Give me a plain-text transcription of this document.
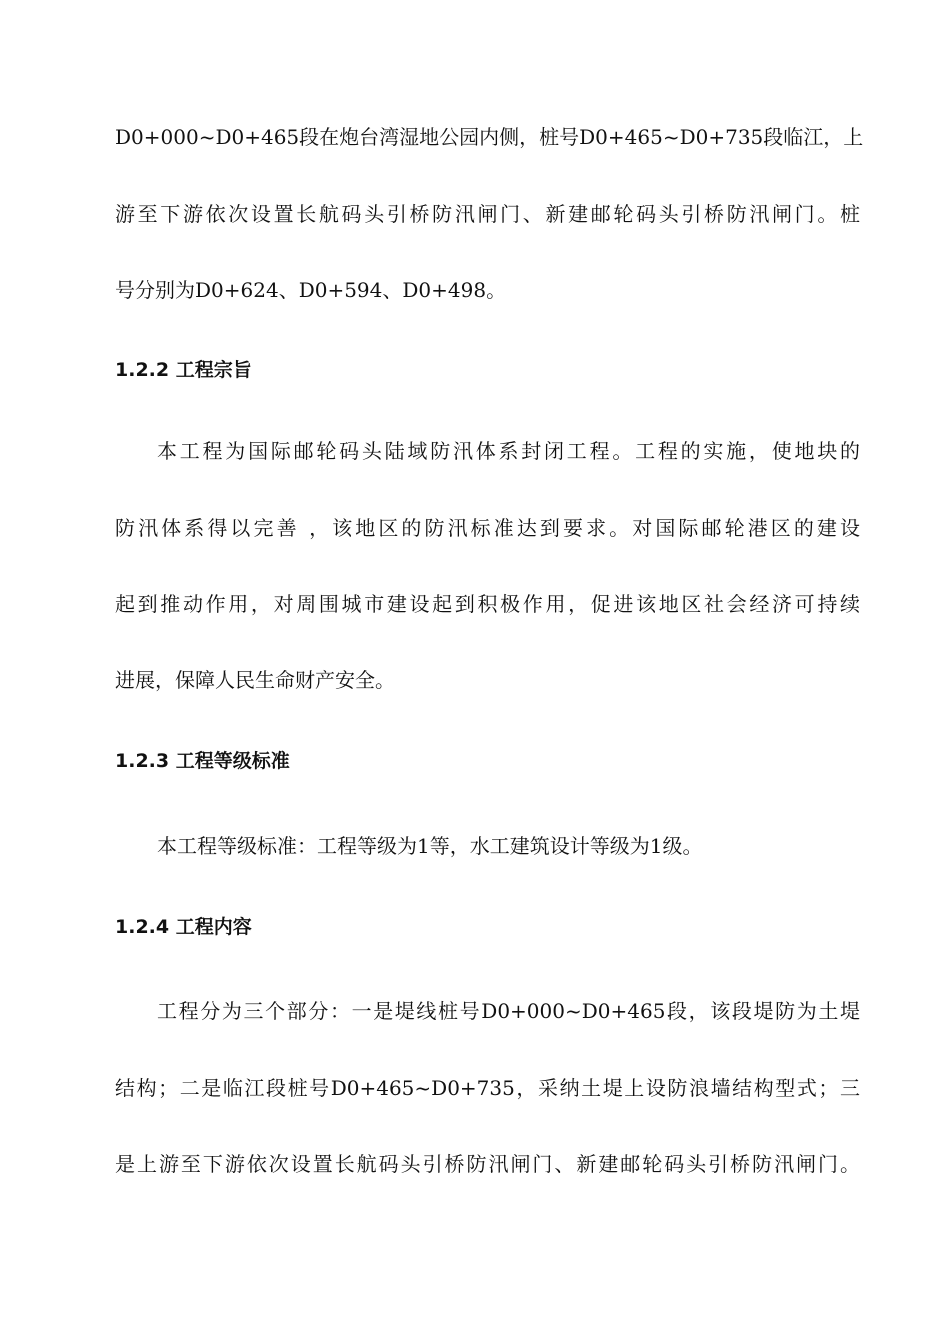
D0+000~D0+465段在炮台湾湿地公园内侧，桩号D0+465~D0+735段临江，上
游至下游依次设置长航码头引桥防汛闸门、新建邮轮码头引桥防汛闸门。桩
号分别为D0+624、D0+594、D0+498。
1.2.2 工程宗旨
本工程为国际邮轮码头陆域防汛体系封闭工程。工程的实施，使地块的
防汛体系得以完善 ，该地区的防汛标准达到要求。对国际邮轮港区的建设
起到推动作用，对周围城市建设起到积极作用，促进该地区社会经济可持续
进展，保障人民生命财产安全。
1.2.3 工程等级标准
本工程等级标准：工程等级为1等，水工建筑设计等级为1级。
1.2.4 工程内容
工程分为三个部分：一是堤线桩号D0+000~D0+465段，该段堤防为土堤
结构；二是临江段桩号D0+465~D0+735，采纳土堤上设防浪墙结构型式；三
是上游至下游依次设置长航码头引桥防汛闸门、新建邮轮码头引桥防汛闸门。
